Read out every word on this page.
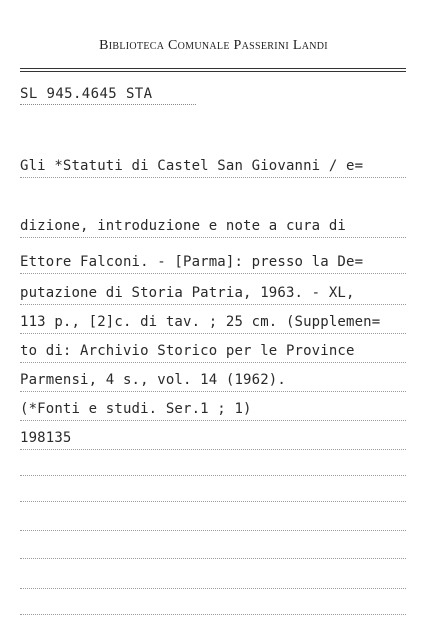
Biblioteca Comunale Passerini Landi
SL 945.4645 STA
Gli *Statuti di Castel San Giovanni / e=
dizione, introduzione e note a cura di
Ettore Falconi. - [Parma]: presso la De=
putazione di Storia Patria, 1963. - XL,
113 p., [2]c. di tav. ; 25 cm. (Supplemen=
to di: Archivio Storico per le Province
Parmensi, 4 s., vol. 14 (1962).
(*Fonti e studi. Ser.1 ; 1)
198135
